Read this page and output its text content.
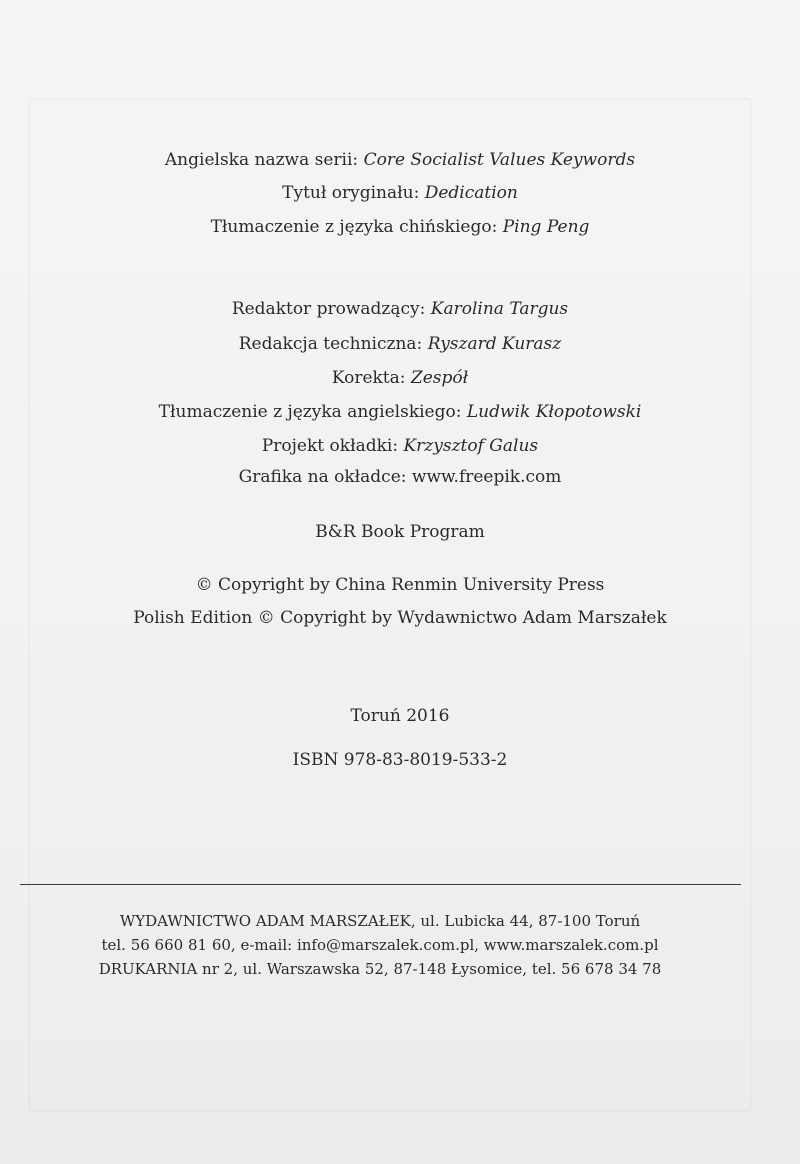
Angielska nazwa serii: Core Socialist Values Keywords
Tytuł oryginału: Dedication
Tłumaczenie z języka chińskiego: Ping Peng
Redaktor prowadzący: Karolina Targus
Redakcja techniczna: Ryszard Kurasz
Korekta: Zespół
Tłumaczenie z języka angielskiego: Ludwik Kłopotowski
Projekt okładki: Krzysztof Galus
Grafika na okładce: www.freepik.com
B&R Book Program
© Copyright by China Renmin University Press
Polish Edition © Copyright by Wydawnictwo Adam Marszałek
Toruń 2016
ISBN 978-83-8019-533-2
WYDAWNICTWO ADAM MARSZAŁEK, ul. Lubicka 44, 87-100 Toruń
tel. 56 660 81 60, e-mail: info@marszalek.com.pl, www.marszalek.com.pl
DRUKARNIA nr 2, ul. Warszawska 52, 87-148 Łysomice, tel. 56 678 34 78
